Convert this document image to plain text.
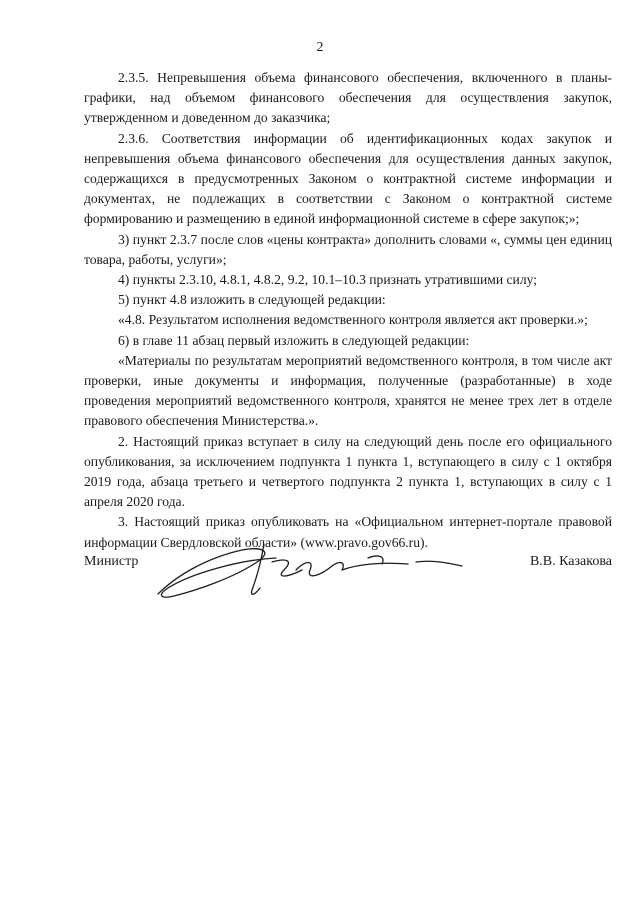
2

2.3.5. Непревышения объема финансового обеспечения, включенного в планы-графики, над объемом финансового обеспечения для осуществления закупок, утвержденном и доведенном до заказчика;

2.3.6. Соответствия информации об идентификационных кодах закупок и непревышения объема финансового обеспечения для осуществления данных закупок, содержащихся в предусмотренных Законом о контрактной системе информации и документах, не подлежащих в соответствии с Законом о контрактной системе формированию и размещению в единой информационной системе в сфере закупок;»;

3) пункт 2.3.7 после слов «цены контракта» дополнить словами «, суммы цен единиц товара, работы, услуги»;

4) пункты 2.3.10, 4.8.1, 4.8.2, 9.2, 10.1–10.3 признать утратившими силу;

5) пункт 4.8 изложить в следующей редакции:

«4.8. Результатом исполнения ведомственного контроля является акт проверки.»;

6) в главе 11 абзац первый изложить в следующей редакции:

«Материалы по результатам мероприятий ведомственного контроля, в том числе акт проверки, иные документы и информация, полученные (разработанные) в ходе проведения мероприятий ведомственного контроля, хранятся не менее трех лет в отделе правового обеспечения Министерства.».

2. Настоящий приказ вступает в силу на следующий день после его официального опубликования, за исключением подпункта 1 пункта 1, вступающего в силу с 1 октября 2019 года, абзаца третьего и четвертого подпункта 2 пункта 1, вступающих в силу с 1 апреля 2020 года.

3. Настоящий приказ опубликовать на «Официальном интернет-портале правовой информации Свердловской области» (www.pravo.gov66.ru).

Министр	В.В. Казакова
